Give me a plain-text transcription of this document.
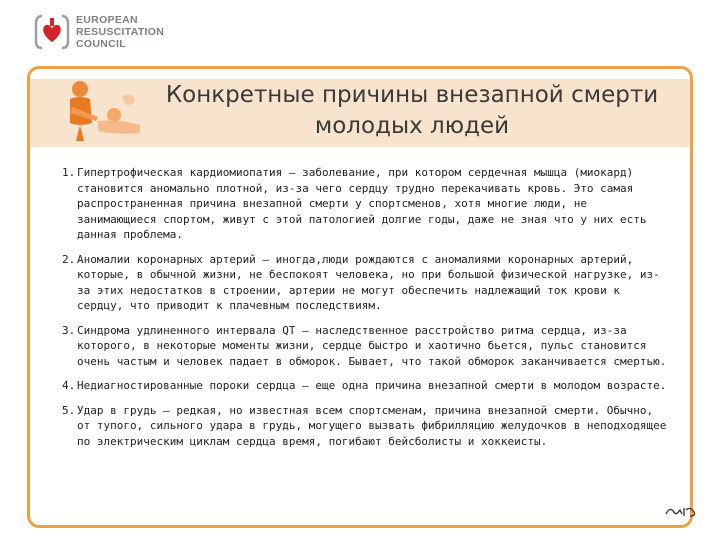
EUROPEAN
RESUSCITATION
COUNCIL
Конкретные причины внезапной смерти молодых людей
1. Гипертрофическая кардиомиопатия – заболевание, при котором сердечная мышца (миокард) становится аномально плотной, из-за чего сердцу трудно перекачивать кровь. Это самая распространенная причина внезапной смерти у спортсменов, хотя многие люди, не занимающиеся спортом, живут с этой патологией долгие годы, даже не зная что у них есть данная проблема.
2. Аномалии коронарных артерий – иногда,люди рождаются с аномалиями коронарных артерий, которые, в обычной жизни, не беспокоят человека, но при большой физической нагрузке, из-за этих недостатков в строении, артерии не могут обеспечить надлежащий ток крови к сердцу, что приводит к плачевным последствиям.
3. Синдрома удлиненного интервала QT – наследственное расстройство ритма сердца, из-за которого, в некоторые моменты жизни, сердце быстро и хаотично бьется, пульс становится очень частым и человек падает в обморок. Бывает, что такой обморок заканчивается смертью.
4. Недиагностированные пороки сердца – еще одна причина внезапной смерти в молодом возрасте.
5. Удар в грудь – редкая, но известная всем спортсменам, причина внезапной смерти. Обычно, от тупого, сильного удара в грудь, могущего вызвать фибрилляцию желудочков в неподходящее по электрическим циклам сердца время, погибают бейсболисты и хоккеисты.
